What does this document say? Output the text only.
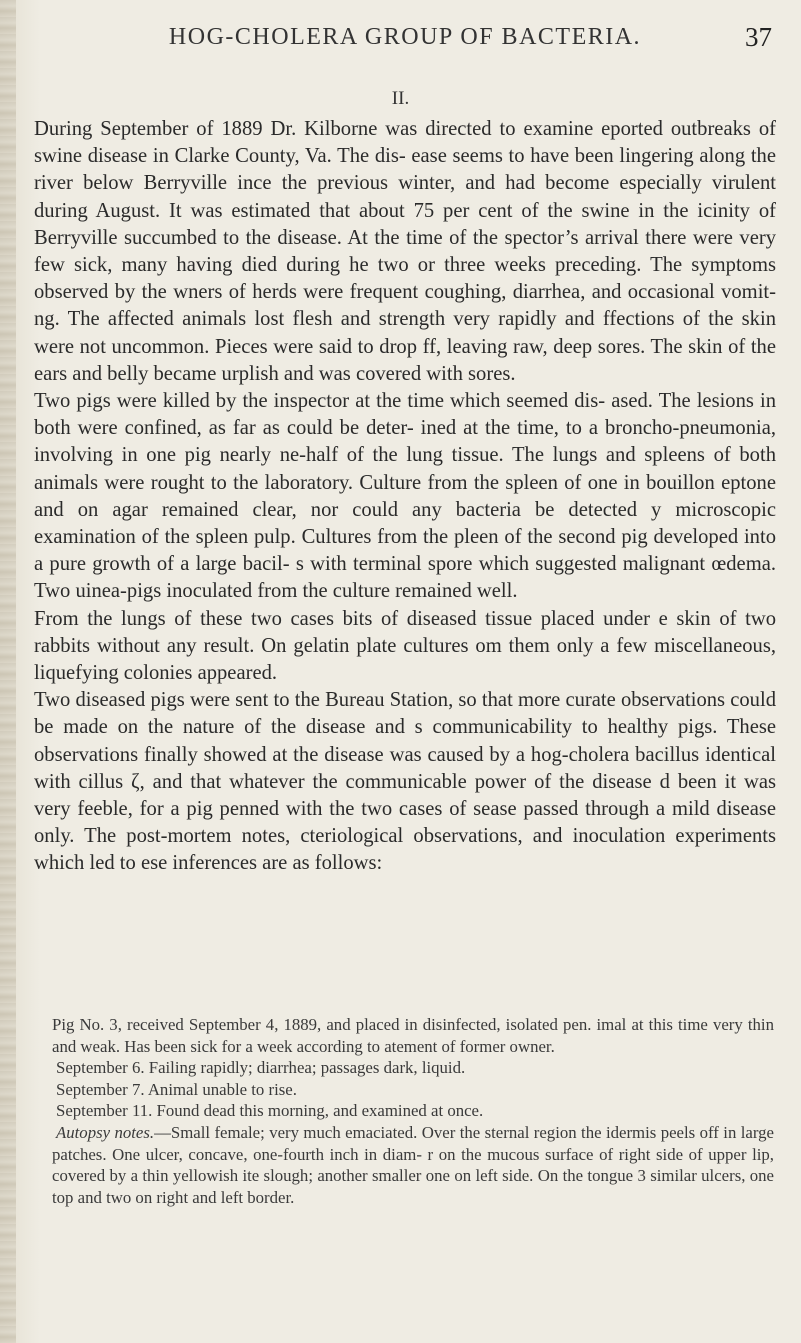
HOG-CHOLERA GROUP OF BACTERIA.	37
II.

During September of 1889 Dr. Kilborne was directed to examine eported outbreaks of swine disease in Clarke County, Va. The dis- ease seems to have been lingering along the river below Berryville ince the previous winter, and had become especially virulent during August. It was estimated that about 75 per cent of the swine in the icinity of Berryville succumbed to the disease. At the time of the spector’s arrival there were very few sick, many having died during he two or three weeks preceding. The symptoms observed by the wners of herds were frequent coughing, diarrhea, and occasional vomit- ng. The affected animals lost flesh and strength very rapidly and ffections of the skin were not uncommon. Pieces were said to drop ff, leaving raw, deep sores. The skin of the ears and belly became urplish and was covered with sores.

Two pigs were killed by the inspector at the time which seemed dis- ased. The lesions in both were confined, as far as could be deter- ined at the time, to a broncho-pneumonia, involving in one pig nearly ne-half of the lung tissue. The lungs and spleens of both animals were rought to the laboratory. Culture from the spleen of one in bouillon eptone and on agar remained clear, nor could any bacteria be detected y microscopic examination of the spleen pulp. Cultures from the pleen of the second pig developed into a pure growth of a large bacil- s with terminal spore which suggested malignant œdema. Two uinea-pigs inoculated from the culture remained well.

From the lungs of these two cases bits of diseased tissue placed under e skin of two rabbits without any result. On gelatin plate cultures om them only a few miscellaneous, liquefying colonies appeared.

Two diseased pigs were sent to the Bureau Station, so that more curate observations could be made on the nature of the disease and s communicability to healthy pigs. These observations finally showed at the disease was caused by a hog-cholera bacillus identical with cillus ζ, and that whatever the communicable power of the disease d been it was very feeble, for a pig penned with the two cases of sease passed through a mild disease only. The post-mortem notes, cteriological observations, and inoculation experiments which led to ese inferences are as follows:

Pig No. 3, received September 4, 1889, and placed in disinfected, isolated pen. imal at this time very thin and weak. Has been sick for a week according to atement of former owner.

September 6. Failing rapidly; diarrhea; passages dark, liquid.

September 7. Animal unable to rise.

September 11. Found dead this morning, and examined at once.

Autopsy notes.—Small female; very much emaciated. Over the sternal region the idermis peels off in large patches. One ulcer, concave, one-fourth inch in diam- r on the mucous surface of right side of upper lip, covered by a thin yellowish ite slough; another smaller one on left side. On the tongue 3 similar ulcers, one top and two on right and left border.
